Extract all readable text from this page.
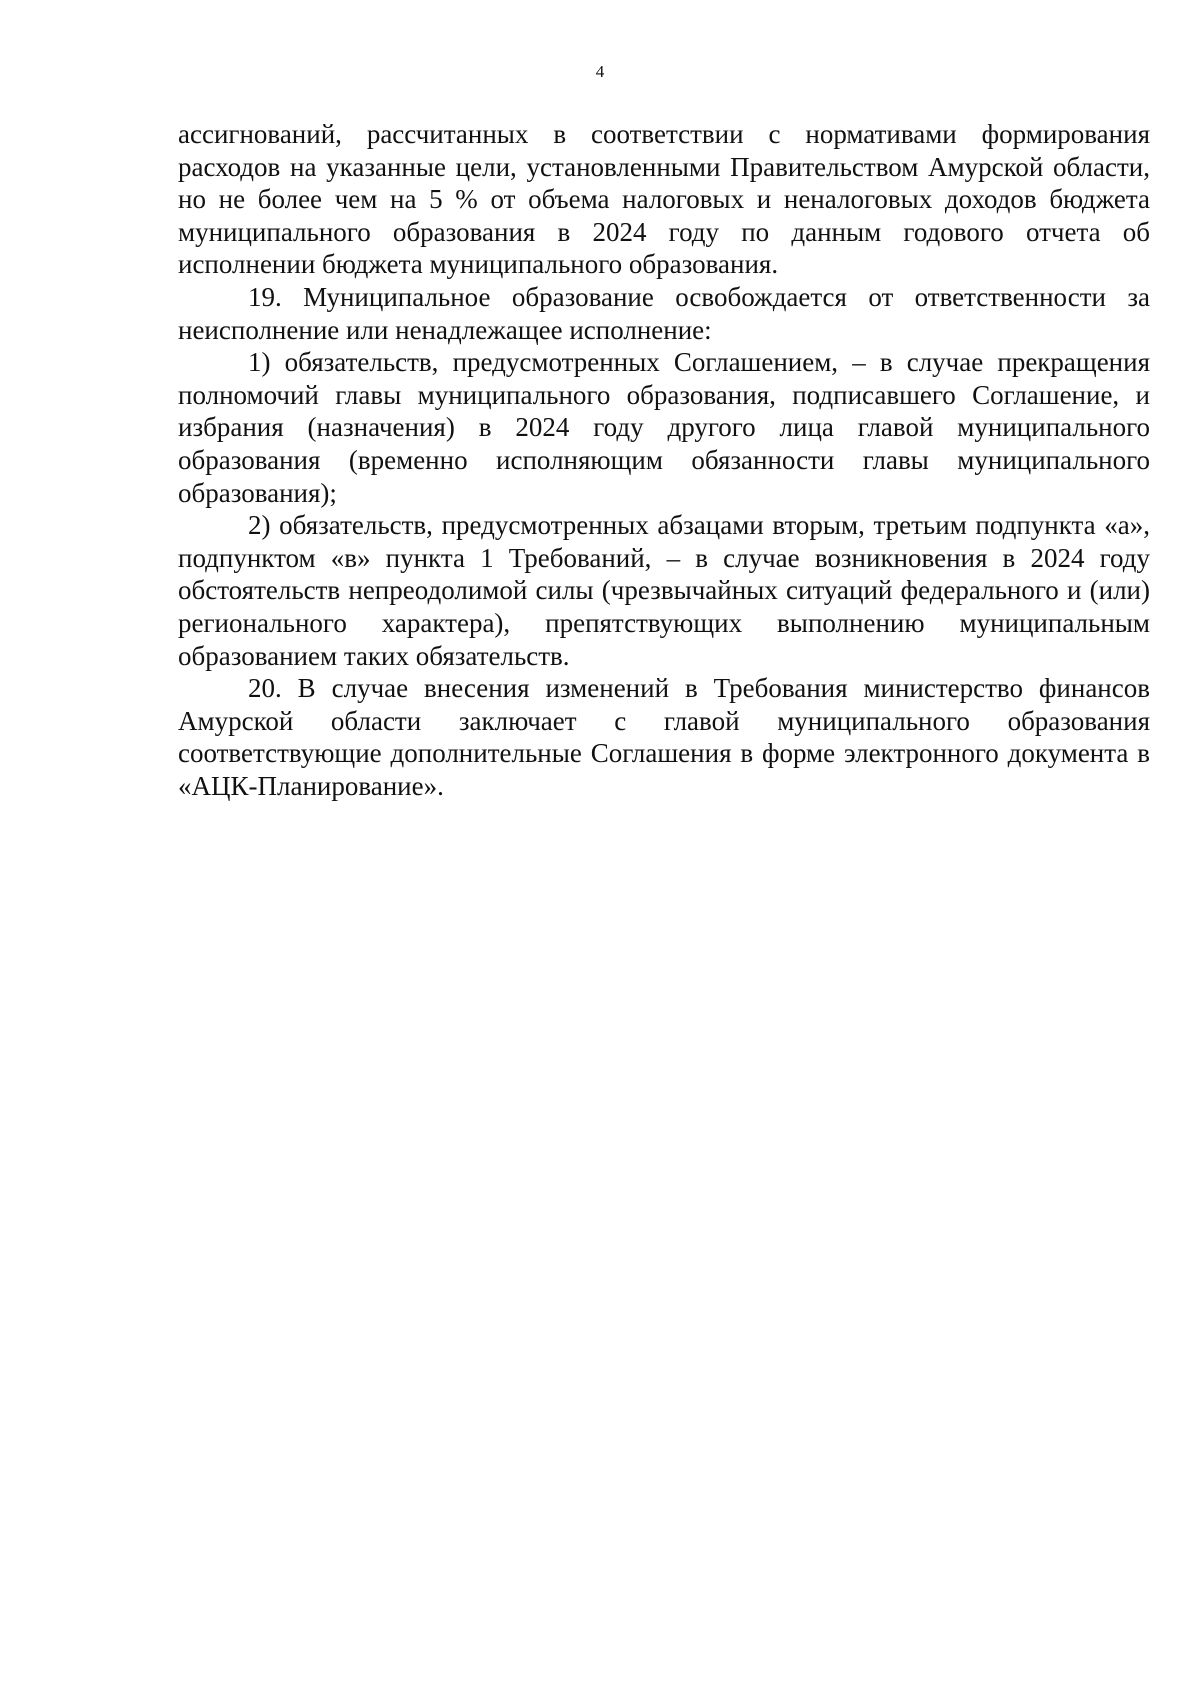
4

ассигнований, рассчитанных в соответствии с нормативами формирования расходов на указанные цели, установленными Правительством Амурской области, но не более чем на 5 % от объема налоговых и неналоговых доходов бюджета муниципального образования в 2024 году по данным годового отчета об исполнении бюджета муниципального образования.

19. Муниципальное образование освобождается от ответственности за неисполнение или ненадлежащее исполнение:

1) обязательств, предусмотренных Соглашением, – в случае прекращения полномочий главы муниципального образования, подписавшего Соглашение, и избрания (назначения) в 2024 году другого лица главой муниципального образования (временно исполняющим обязанности главы муниципального образования);

2) обязательств, предусмотренных абзацами вторым, третьим подпункта «а», подпунктом «в» пункта 1 Требований, – в случае возникновения в 2024 году обстоятельств непреодолимой силы (чрезвычайных ситуаций федерального и (или) регионального характера), препятствующих выполнению муниципальным образованием таких обязательств.

20. В случае внесения изменений в Требования министерство финансов Амурской области заключает с главой муниципального образования соответствующие дополнительные Соглашения в форме электронного документа в «АЦК-Планирование».
